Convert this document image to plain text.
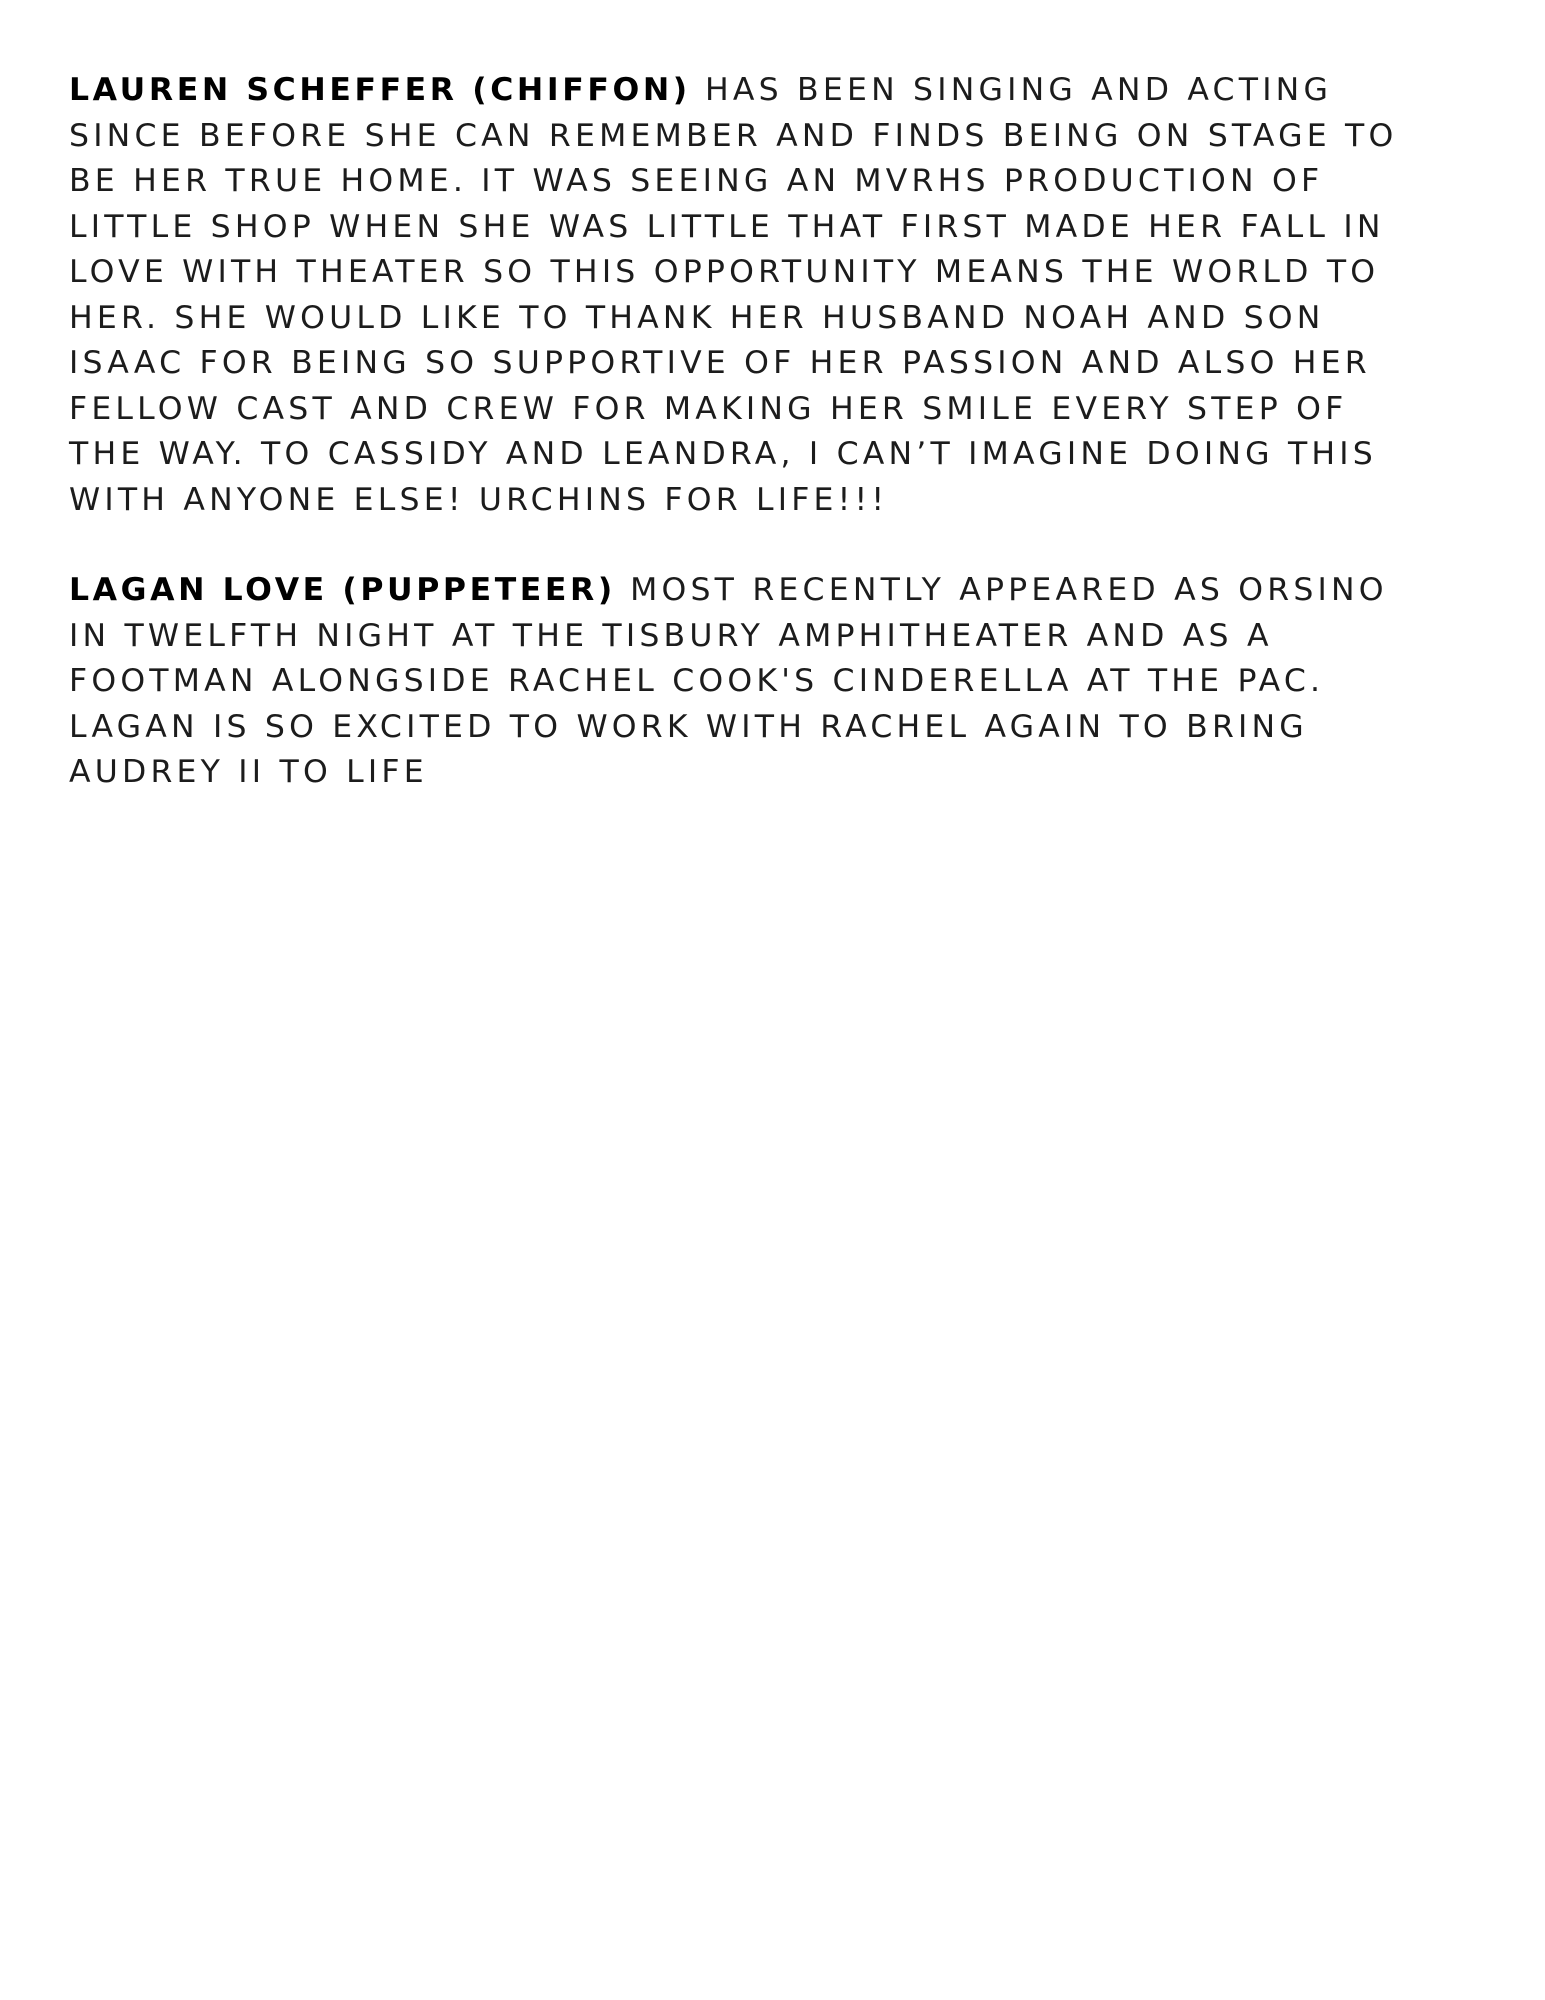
LAUREN SCHEFFER (CHIFFON) HAS BEEN SINGING AND ACTING
SINCE BEFORE SHE CAN REMEMBER AND FINDS BEING ON STAGE TO
BE HER TRUE HOME. IT WAS SEEING AN MVRHS PRODUCTION OF
LITTLE SHOP WHEN SHE WAS LITTLE THAT FIRST MADE HER FALL IN
LOVE WITH THEATER SO THIS OPPORTUNITY MEANS THE WORLD TO
HER. SHE WOULD LIKE TO THANK HER HUSBAND NOAH AND SON
ISAAC FOR BEING SO SUPPORTIVE OF HER PASSION AND ALSO HER
FELLOW CAST AND CREW FOR MAKING HER SMILE EVERY STEP OF
THE WAY. TO CASSIDY AND LEANDRA, I CAN’T IMAGINE DOING THIS
WITH ANYONE ELSE! URCHINS FOR LIFE!!!
LAGAN LOVE (PUPPETEER) MOST RECENTLY APPEARED AS ORSINO
IN TWELFTH NIGHT AT THE TISBURY AMPHITHEATER AND AS A
FOOTMAN ALONGSIDE RACHEL COOK'S CINDERELLA AT THE PAC.
LAGAN IS SO EXCITED TO WORK WITH RACHEL AGAIN TO BRING
AUDREY II TO LIFE
